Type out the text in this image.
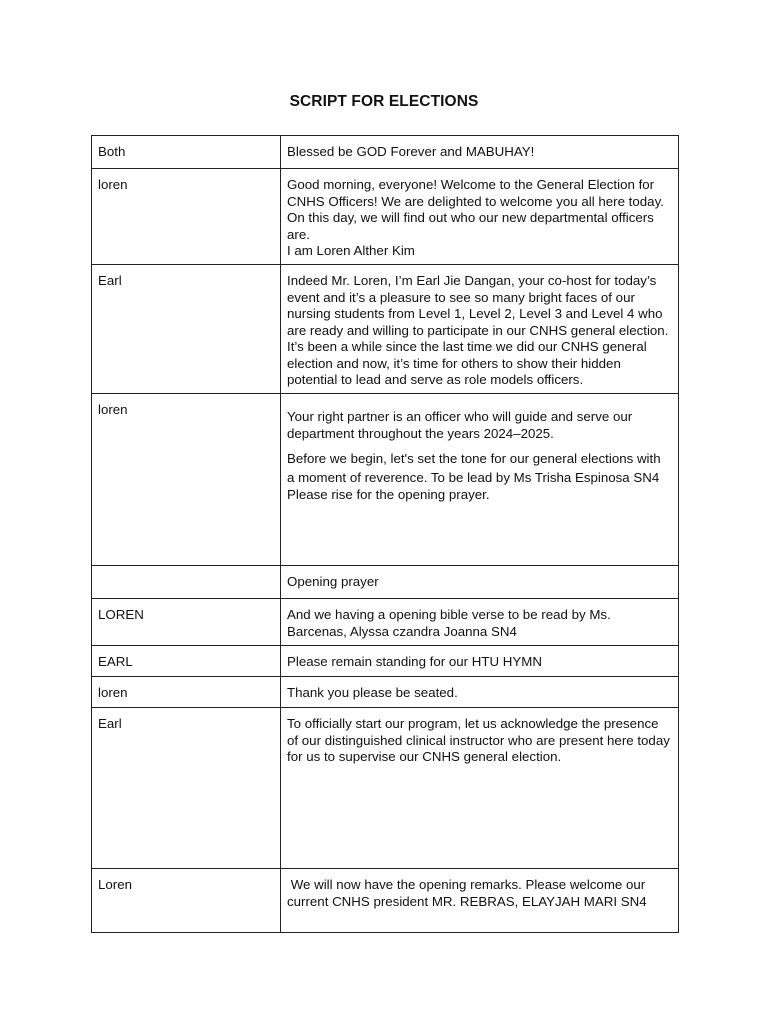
SCRIPT FOR ELECTIONS
Both	Blessed be GOD Forever and MABUHAY!

loren	Good morning, everyone! Welcome to the General Election for CNHS Officers! We are delighted to welcome you all here today. On this day, we will find out who our new departmental officers are.
I am Loren Alther Kim

Earl	Indeed Mr. Loren, I’m Earl Jie Dangan, your co-host for today’s event and it’s a pleasure to see so many bright faces of our nursing students from Level 1, Level 2, Level 3 and Level 4 who are ready and willing to participate in our CNHS general election. It’s been a while since the last time we did our CNHS general election and now, it’s time for others to show their hidden potential to lead and serve as role models officers.

loren	Your right partner is an officer who will guide and serve our department throughout the years 2024–2025.

Before we begin, let's set the tone for our general elections with a moment of reverence. To be lead by Ms Trisha Espinosa SN4

Please rise for the opening prayer.

	Opening prayer

LOREN	And we having a opening bible verse to be read by Ms. Barcenas, Alyssa czandra Joanna SN4

EARL	Please remain standing for our HTU HYMN

loren	Thank you please be seated.

Earl	To officially start our program, let us acknowledge the presence of our distinguished clinical instructor who are present here today for us to supervise our CNHS general election.

Loren	We will now have the opening remarks. Please welcome our current CNHS president MR. REBRAS, ELAYJAH MARI SN4
